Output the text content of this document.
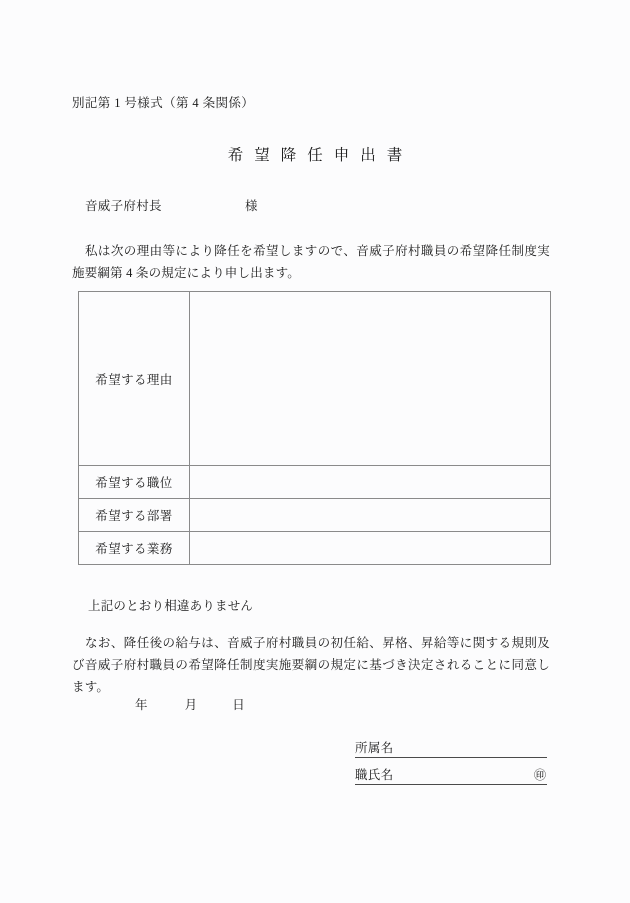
別記第 1 号様式（第 4 条関係）
希望降任申出書
音威子府村長	様
私は次の理由等により降任を希望しますので、音威子府村職員の希望降任制度実施要綱第 4 条の規定により申し出ます。
希望する理由	
希望する職位	
希望する部署	
希望する業務	
上記のとおり相違ありません
なお、降任後の給与は、音威子府村職員の初任給、昇格、昇給等に関する規則及び音威子府村職員の希望降任制度実施要綱の規定に基づき決定されることに同意します。
年	月	日
所属名
職氏名	㊞
